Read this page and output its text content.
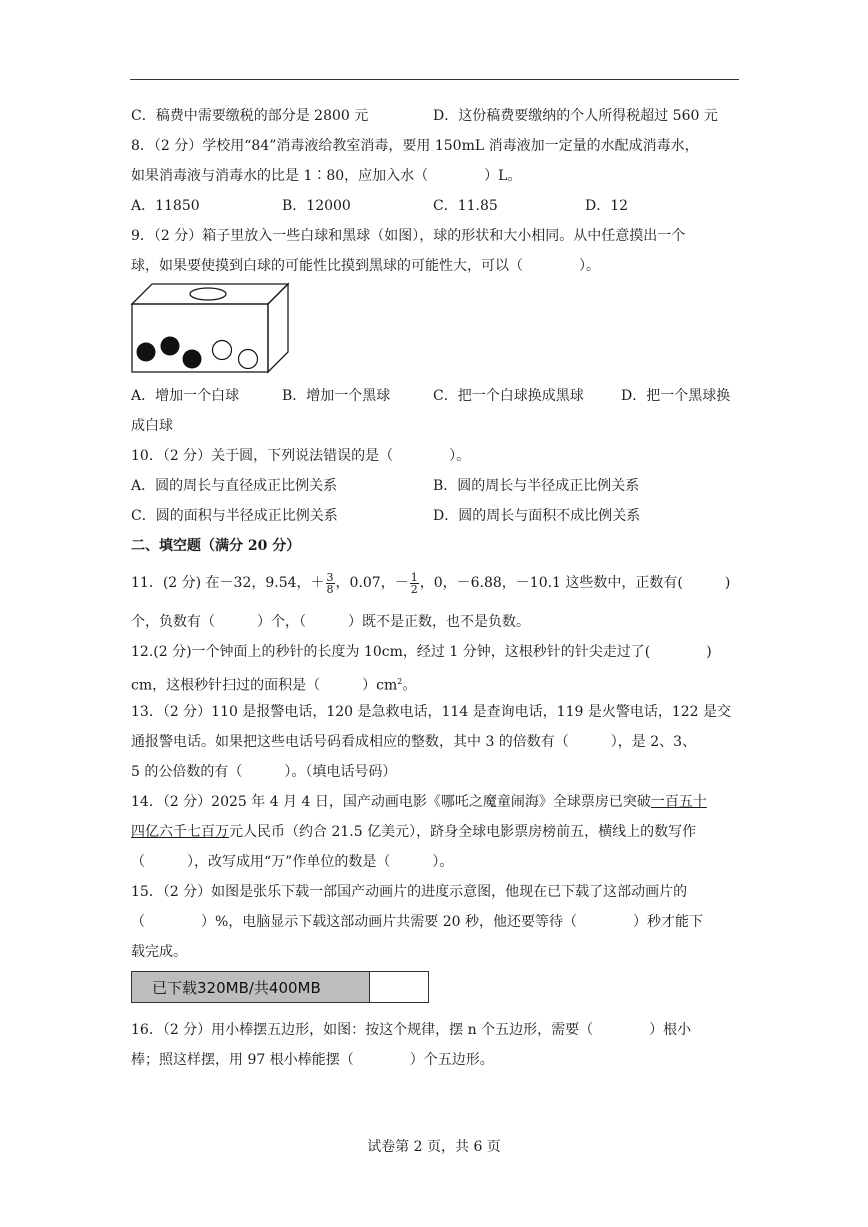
C．稿费中需要缴税的部分是 2800 元	D．这份稿费要缴纳的个人所得税超过 560 元
8．（2 分）学校用“84”消毒液给教室消毒，要用 150mL 消毒液加一定量的水配成消毒水，
如果消毒液与消毒水的比是 1∶80，应加入水（　　　　）L。
A．11850	B．12000	C．11.85	D．12
9．（2 分）箱子里放入一些白球和黑球（如图），球的形状和大小相同。从中任意摸出一个
球，如果要使摸到白球的可能性比摸到黑球的可能性大，可以（　　　　）。
A．增加一个白球	B．增加一个黑球	C．把一个白球换成黑球	D．把一个黑球换
成白球
10．（2 分）关于圆，下列说法错误的是（　　　　）。
A．圆的周长与直径成正比例关系	B．圆的周长与半径成正比例关系
C．圆的面积与半径成正比例关系	D．圆的周长与面积不成比例关系
二、填空题（满分 20 分）
11．(2 分) 在－32，9.54，＋ $\frac{3}{8}$ ，0.07，－ $\frac{1}{2}$ ，0，－6.88，－10.1 这些数中，正数有(　　　)
个，负数有（　　　）个，（　　　）既不是正数，也不是负数。
12.(2 分)一个钟面上的秒针的长度为 10cm，经过 1 分钟，这根秒针的针尖走过了(　　　　)
cm，这根秒针扫过的面积是（　　　）$cm^2$。
13．（2 分）110 是报警电话，120 是急救电话，114 是查询电话，119 是火警电话，122 是交
通报警电话。如果把这些电话号码看成相应的整数，其中 3 的倍数有（　　　），是 2、3、
5 的公倍数的有（　　　）。（填电话号码）
14．（2 分）2025 年 4 月 4 日，国产动画电影《哪吒之魔童闹海》全球票房已突破一百五十
四亿六千七百万元人民币（约合 21.5 亿美元），跻身全球电影票房榜前五，横线上的数写作
（　　　），改写成用“万”作单位的数是（　　　）。
15．（2 分）如图是张乐下载一部国产动画片的进度示意图，他现在已下载了这部动画片的
（　　　　）%，电脑显示下载这部动画片共需要 20 秒，他还要等待（　　　　）秒才能下
载完成。
已下载320MB/共400MB
16．（2 分）用小棒摆五边形，如图：按这个规律，摆 n 个五边形，需要（　　　　）根小
棒；照这样摆，用 97 根小棒能摆（　　　　）个五边形。
试卷第 2 页，共 6 页
